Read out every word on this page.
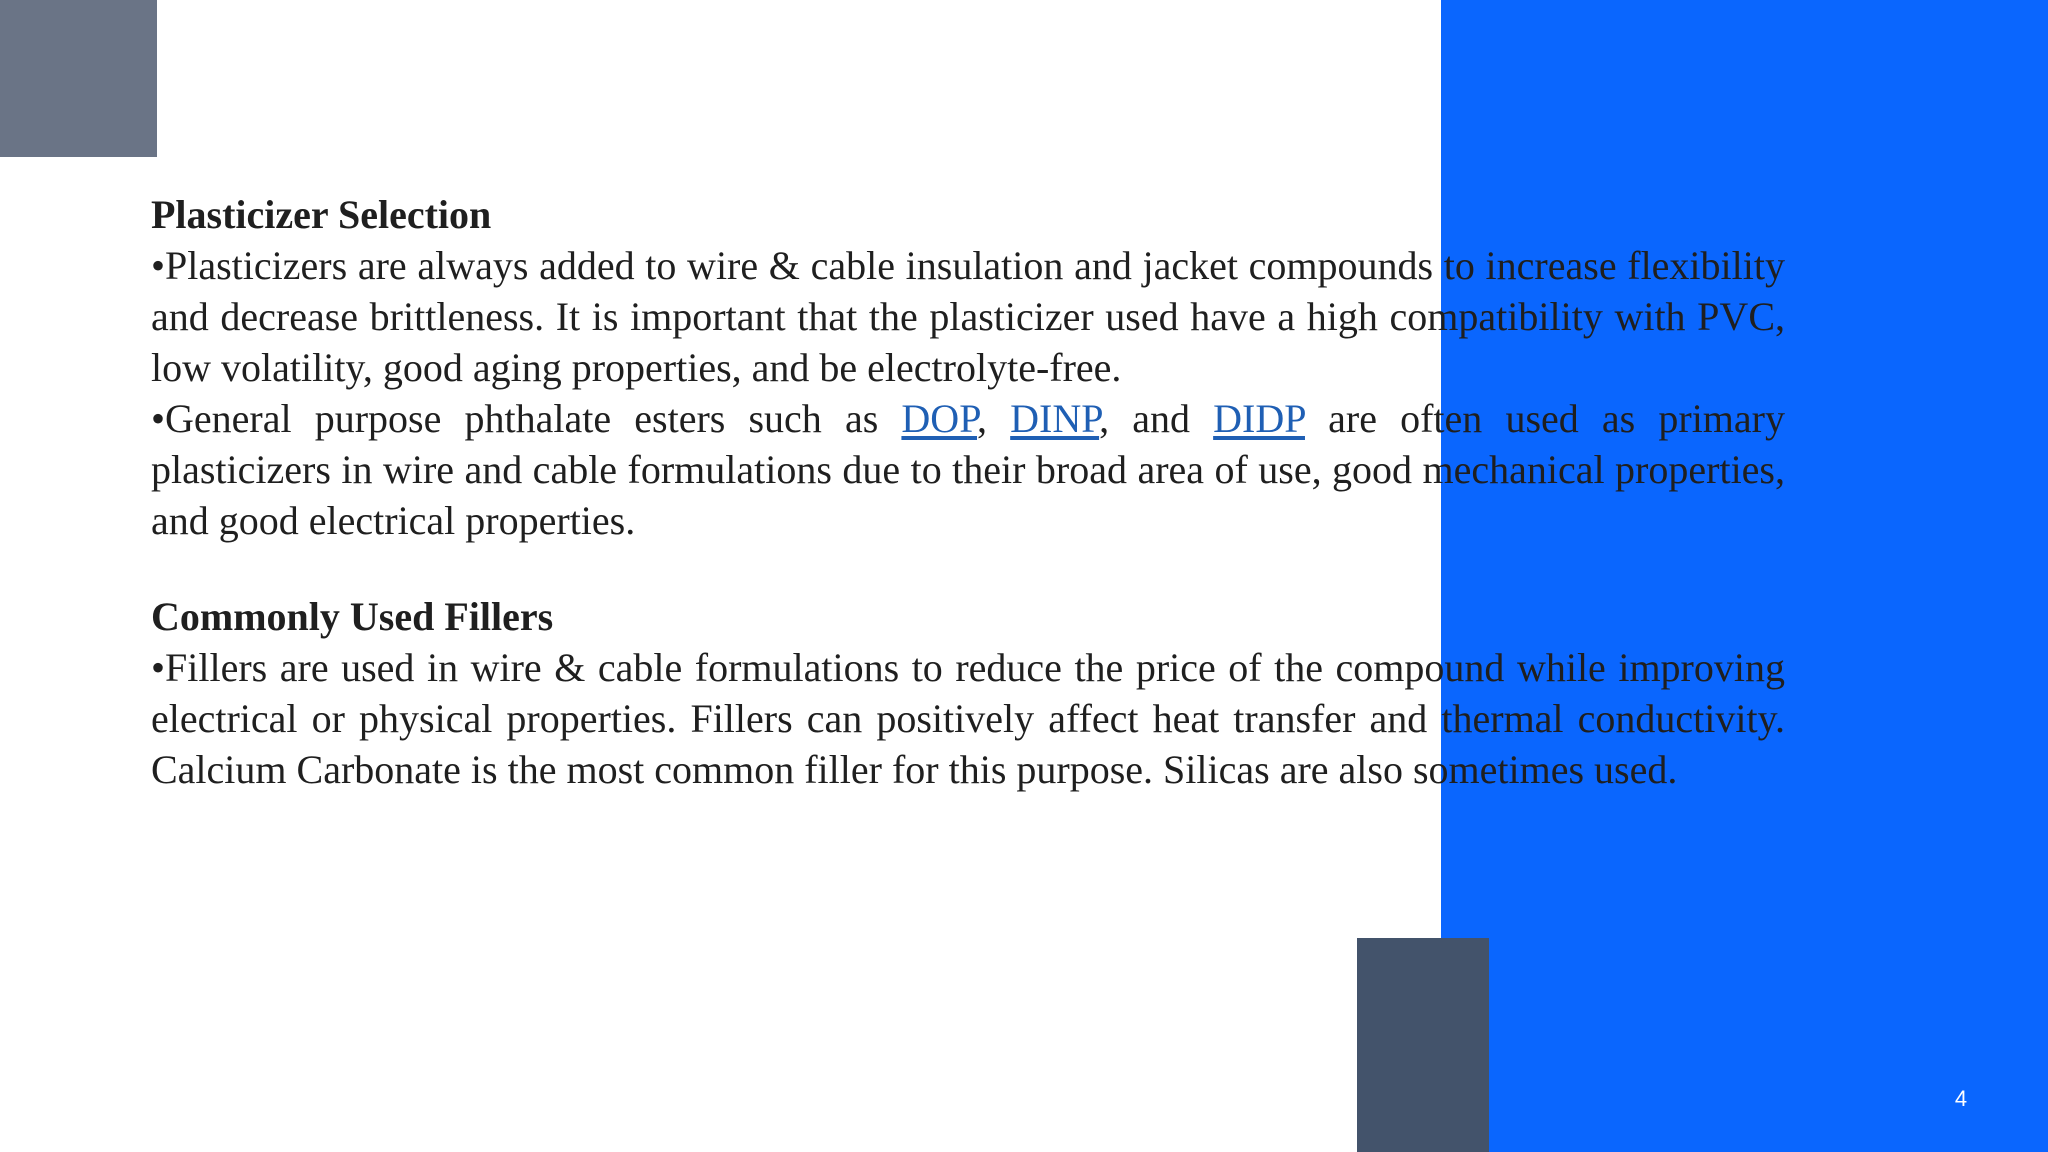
Plasticizer Selection

•Plasticizers are always added to wire & cable insulation and jacket compounds to increase flexibility and decrease brittleness. It is important that the plasticizer used have a high compatibility with PVC, low volatility, good aging properties, and be electrolyte-free.

•General purpose phthalate esters such as DOP, DINP, and DIDP are often used as primary plasticizers in wire and cable formulations due to their broad area of use, good mechanical properties, and good electrical properties.

Commonly Used Fillers

•Fillers are used in wire & cable formulations to reduce the price of the compound while improving electrical or physical properties. Fillers can positively affect heat transfer and thermal conductivity. Calcium Carbonate is the most common filler for this purpose. Silicas are also sometimes used.

4
